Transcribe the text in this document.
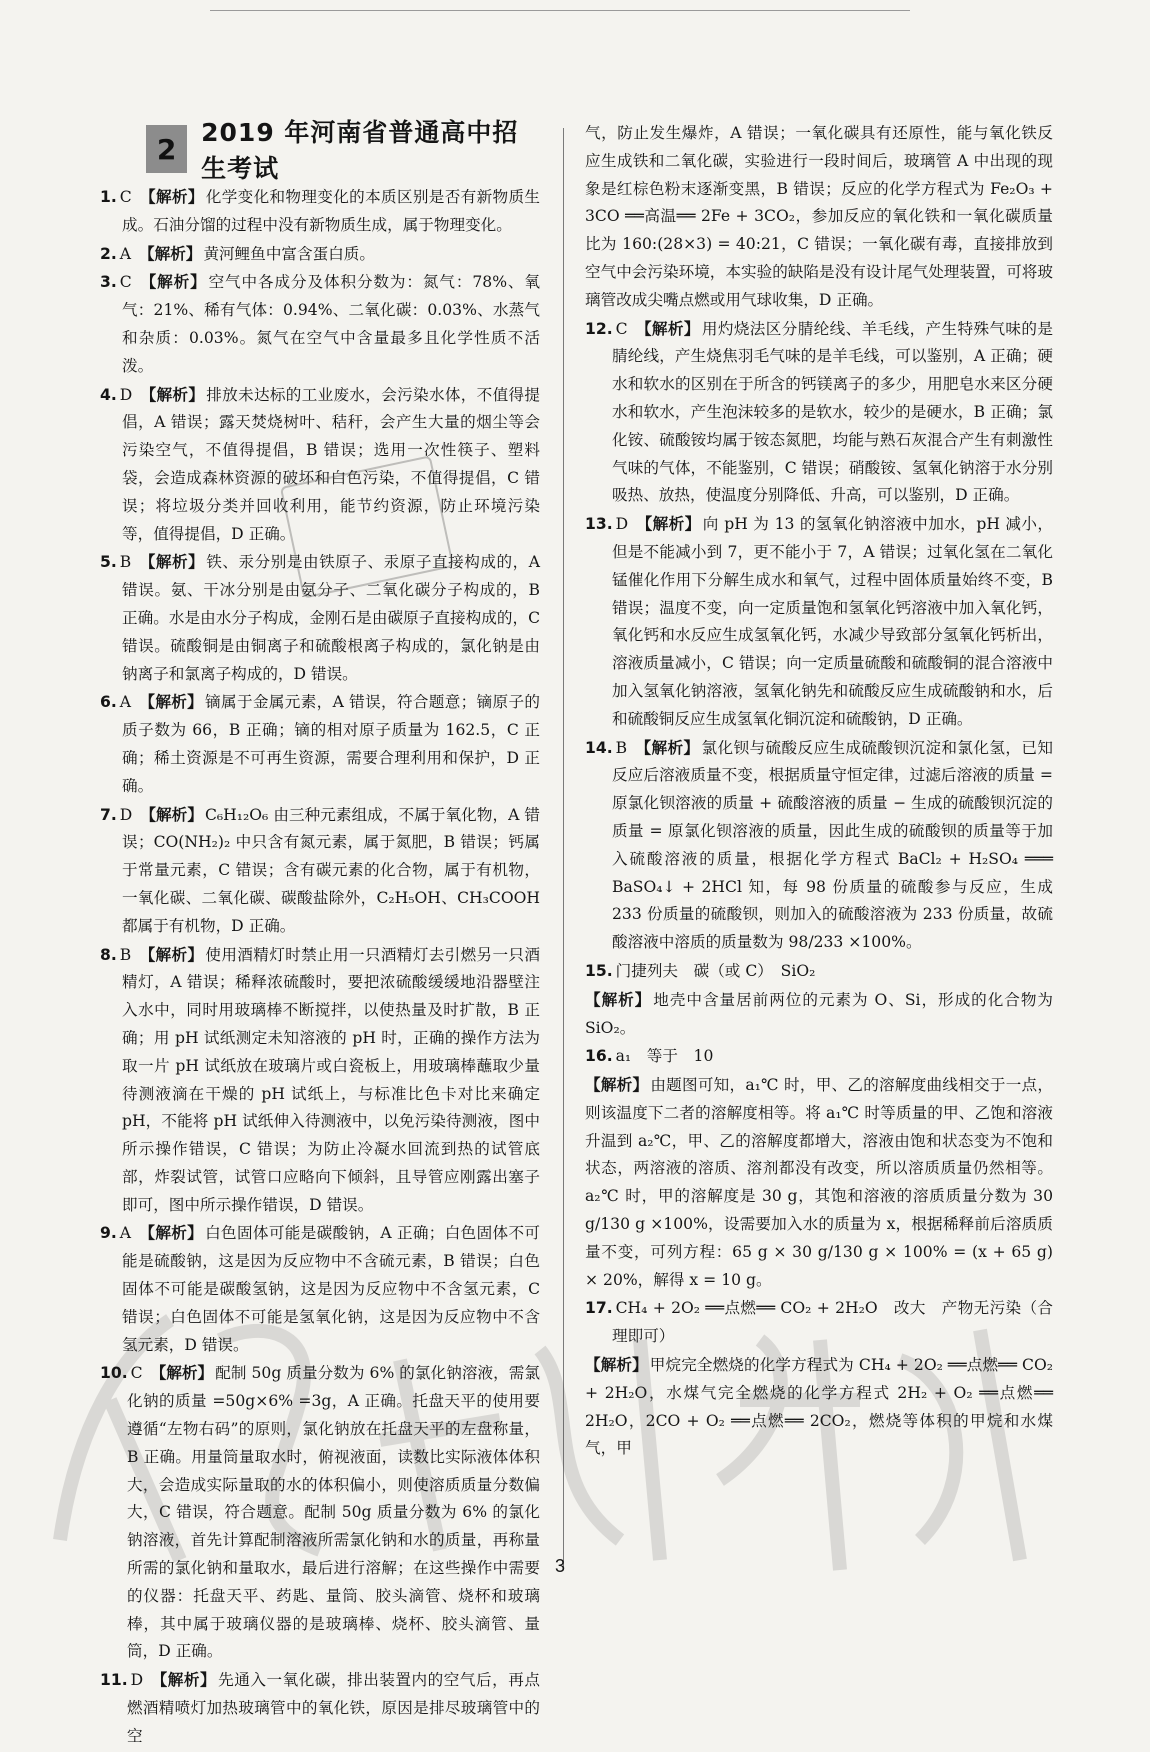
2 2019 年河南省普通高中招生考试
1. C 【解析】 化学变化和物理变化的本质区别是否有新物质生成。石油分馏的过程中没有新物质生成，属于物理变化。
2. A 【解析】 黄河鲤鱼中富含蛋白质。
3. C 【解析】 空气中各成分及体积分数为：氮气：78%、氧气：21%、稀有气体：0.94%、二氧化碳：0.03%、水蒸气和杂质：0.03%。氮气在空气中含量最多且化学性质不活泼。
4. D 【解析】 排放未达标的工业废水，会污染水体，不值得提倡，A 错误；露天焚烧树叶、秸秆，会产生大量的烟尘等会污染空气，不值得提倡，B 错误；选用一次性筷子、塑料袋，会造成森林资源的破坏和白色污染，不值得提倡，C 错误；将垃圾分类并回收利用，能节约资源，防止环境污染等，值得提倡，D 正确。
5. B 【解析】 铁、汞分别是由铁原子、汞原子直接构成的，A 错误。氨、干冰分别是由氨分子、二氧化碳分子构成的，B 正确。水是由水分子构成，金刚石是由碳原子直接构成的，C 错误。硫酸铜是由铜离子和硫酸根离子构成的，氯化钠是由钠离子和氯离子构成的，D 错误。
6. A 【解析】 镝属于金属元素，A 错误，符合题意；镝原子的质子数为 66，B 正确；镝的相对原子质量为 162.5，C 正确；稀土资源是不可再生资源，需要合理利用和保护，D 正确。
7. D 【解析】 C₆H₁₂O₆ 由三种元素组成，不属于氧化物，A 错误；CO(NH₂)₂ 中只含有氮元素，属于氮肥，B 错误；钙属于常量元素，C 错误；含有碳元素的化合物，属于有机物，一氧化碳、二氧化碳、碳酸盐除外，C₂H₅OH、CH₃COOH 都属于有机物，D 正确。
8. B 【解析】 使用酒精灯时禁止用一只酒精灯去引燃另一只酒精灯，A 错误；稀释浓硫酸时，要把浓硫酸缓缓地沿器壁注入水中，同时用玻璃棒不断搅拌，以使热量及时扩散，B 正确；用 pH 试纸测定未知溶液的 pH 时，正确的操作方法为取一片 pH 试纸放在玻璃片或白瓷板上，用玻璃棒蘸取少量待测液滴在干燥的 pH 试纸上，与标准比色卡对比来确定 pH，不能将 pH 试纸伸入待测液中，以免污染待测液，图中所示操作错误，C 错误；为防止冷凝水回流到热的试管底部，炸裂试管，试管口应略向下倾斜，且导管应刚露出塞子即可，图中所示操作错误，D 错误。
9. A 【解析】 白色固体可能是碳酸钠，A 正确；白色固体不可能是硫酸钠，这是因为反应物中不含硫元素，B 错误；白色固体不可能是碳酸氢钠，这是因为反应物中不含氢元素，C 错误；白色固体不可能是氢氧化钠，这是因为反应物中不含氢元素，D 错误。
10. C 【解析】 配制 50g 质量分数为 6% 的氯化钠溶液，需氯化钠的质量 =50g×6% =3g，A 正确。托盘天平的使用要遵循“左物右码”的原则，氯化钠放在托盘天平的左盘称量，B 正确。用量筒量取水时，俯视液面，读数比实际液体体积大，会造成实际量取的水的体积偏小，则使溶质质量分数偏大，C 错误，符合题意。配制 50g 质量分数为 6% 的氯化钠溶液，首先计算配制溶液所需氯化钠和水的质量，再称量所需的氯化钠和量取水，最后进行溶解；在这些操作中需要的仪器：托盘天平、药匙、量筒、胶头滴管、烧杯和玻璃棒，其中属于玻璃仪器的是玻璃棒、烧杯、胶头滴管、量筒，D 正确。
11. D 【解析】 先通入一氧化碳，排出装置内的空气后，再点燃酒精喷灯加热玻璃管中的氧化铁，原因是排尽玻璃管中的空
气，防止发生爆炸，A 错误；一氧化碳具有还原性，能与氧化铁反应生成铁和二氧化碳，实验进行一段时间后，玻璃管 A 中出现的现象是红棕色粉末逐渐变黑，B 错误；反应的化学方程式为 Fe₂O₃ + 3CO ══高温══ 2Fe + 3CO₂，参加反应的氧化铁和一氧化碳质量比为 160:(28×3) = 40:21，C 错误；一氧化碳有毒，直接排放到空气中会污染环境，本实验的缺陷是没有设计尾气处理装置，可将玻璃管改成尖嘴点燃或用气球收集，D 正确。
12. C 【解析】 用灼烧法区分腈纶线、羊毛线，产生特殊气味的是腈纶线，产生烧焦羽毛气味的是羊毛线，可以鉴别，A 正确；硬水和软水的区别在于所含的钙镁离子的多少，用肥皂水来区分硬水和软水，产生泡沫较多的是软水，较少的是硬水，B 正确；氯化铵、硫酸铵均属于铵态氮肥，均能与熟石灰混合产生有刺激性气味的气体，不能鉴别，C 错误；硝酸铵、氢氧化钠溶于水分别吸热、放热，使温度分别降低、升高，可以鉴别，D 正确。
13. D 【解析】 向 pH 为 13 的氢氧化钠溶液中加水，pH 减小，但是不能减小到 7，更不能小于 7，A 错误；过氧化氢在二氧化锰催化作用下分解生成水和氧气，过程中固体质量始终不变，B 错误；温度不变，向一定质量饱和氢氧化钙溶液中加入氧化钙，氧化钙和水反应生成氢氧化钙，水减少导致部分氢氧化钙析出，溶液质量减小，C 错误；向一定质量硫酸和硫酸铜的混合溶液中加入氢氧化钠溶液，氢氧化钠先和硫酸反应生成硫酸钠和水，后和硫酸铜反应生成氢氧化铜沉淀和硫酸钠，D 正确。
14. B 【解析】 氯化钡与硫酸反应生成硫酸钡沉淀和氯化氢，已知反应后溶液质量不变，根据质量守恒定律，过滤后溶液的质量 = 原氯化钡溶液的质量 + 硫酸溶液的质量 − 生成的硫酸钡沉淀的质量 = 原氯化钡溶液的质量，因此生成的硫酸钡的质量等于加入硫酸溶液的质量，根据化学方程式 BaCl₂ + H₂SO₄ ═══ BaSO₄↓ + 2HCl 知，每 98 份质量的硫酸参与反应，生成 233 份质量的硫酸钡，则加入的硫酸溶液为 233 份质量，故硫酸溶液中溶质的质量数为 98/233 ×100%。
15. 门捷列夫　碳（或 C）　SiO₂
【解析】 地壳中含量居前两位的元素为 O、Si，形成的化合物为 SiO₂。
16. a₁　等于　10
【解析】 由题图可知，a₁℃ 时，甲、乙的溶解度曲线相交于一点，则该温度下二者的溶解度相等。将 a₁℃ 时等质量的甲、乙饱和溶液升温到 a₂℃，甲、乙的溶解度都增大，溶液由饱和状态变为不饱和状态，两溶液的溶质、溶剂都没有改变，所以溶质质量仍然相等。a₂℃ 时，甲的溶解度是 30 g，其饱和溶液的溶质质量分数为 30 g/130 g ×100%，设需要加入水的质量为 x，根据稀释前后溶质质量不变，可列方程：65 g × 30 g/130 g × 100% = (x + 65 g) × 20%，解得 x = 10 g。
17. CH₄ + 2O₂ ══点燃══ CO₂ + 2H₂O　改大　产物无污染（合理即可）
【解析】 甲烷完全燃烧的化学方程式为 CH₄ + 2O₂ ══点燃══ CO₂ + 2H₂O，水煤气完全燃烧的化学方程式 2H₂ + O₂ ══点燃══ 2H₂O，2CO + O₂ ══点燃══ 2CO₂，燃烧等体积的甲烷和水煤气，甲
3
